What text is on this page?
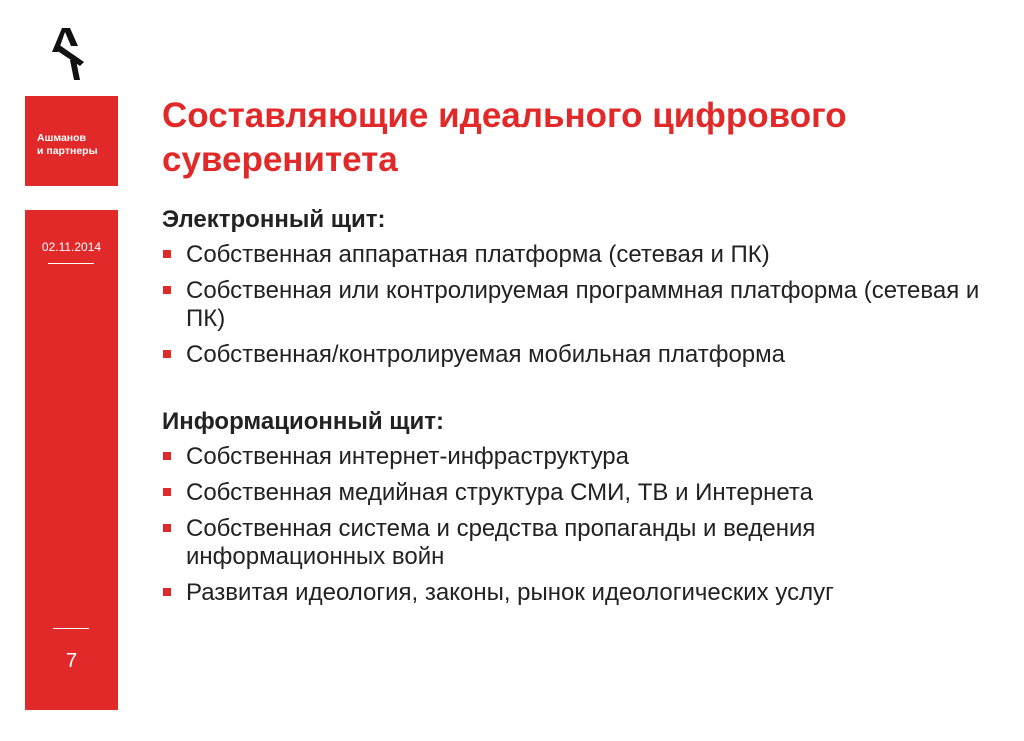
Ашманов
и партнеры
02.11.2014
7
Составляющие идеального цифрового суверенитета
Электронный щит:
Собственная аппаратная платформа (сетевая и ПК)
Собственная или контролируемая программная платформа (сетевая и ПК)
Собственная/контролируемая мобильная платформа
Информационный щит:
Собственная интернет-инфраструктура
Собственная медийная структура СМИ, ТВ и Интернета
Собственная система и средства пропаганды и ведения информационных войн
Развитая идеология, законы, рынок идеологических услуг
